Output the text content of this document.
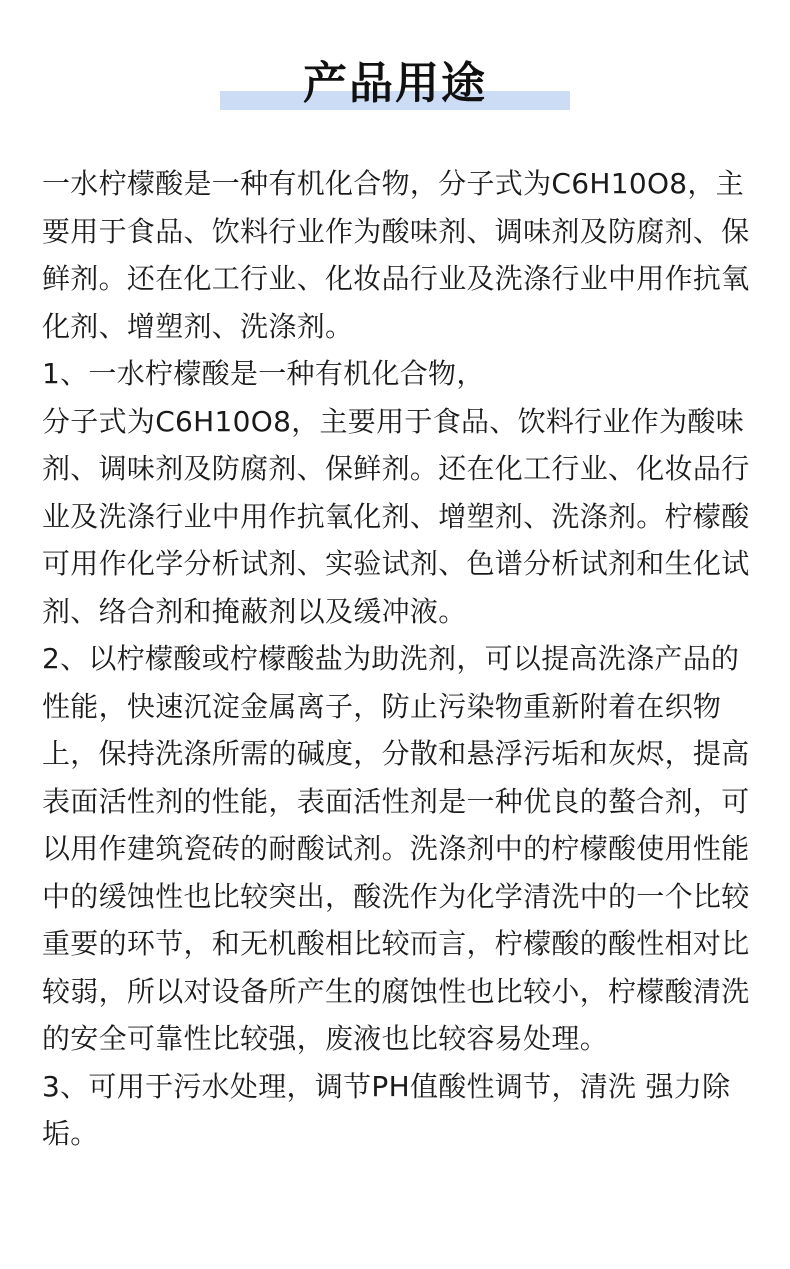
产品用途

一水柠檬酸是一种有机化合物，分子式为C6H10O8，主要用于食品、饮料行业作为酸味剂、调味剂及防腐剂、保鲜剂。还在化工行业、化妆品行业及洗涤行业中用作抗氧化剂、增塑剂、洗涤剂。

1、一水柠檬酸是一种有机化合物，

分子式为C6H10O8，主要用于食品、饮料行业作为酸味剂、调味剂及防腐剂、保鲜剂。还在化工行业、化妆品行业及洗涤行业中用作抗氧化剂、增塑剂、洗涤剂。柠檬酸可用作化学分析试剂、实验试剂、色谱分析试剂和生化试剂、络合剂和掩蔽剂以及缓冲液。

2、以柠檬酸或柠檬酸盐为助洗剂，可以提高洗涤产品的性能，快速沉淀金属离子，防止污染物重新附着在织物上，保持洗涤所需的碱度，分散和悬浮污垢和灰烬，提高表面活性剂的性能，表面活性剂是一种优良的螯合剂，可以用作建筑瓷砖的耐酸试剂。洗涤剂中的柠檬酸使用性能中的缓蚀性也比较突出，酸洗作为化学清洗中的一个比较重要的环节，和无机酸相比较而言，柠檬酸的酸性相对比较弱，所以对设备所产生的腐蚀性也比较小，柠檬酸清洗的安全可靠性比较强，废液也比较容易处理。

3、可用于污水处理，调节PH值酸性调节，清洗 强力除垢。
